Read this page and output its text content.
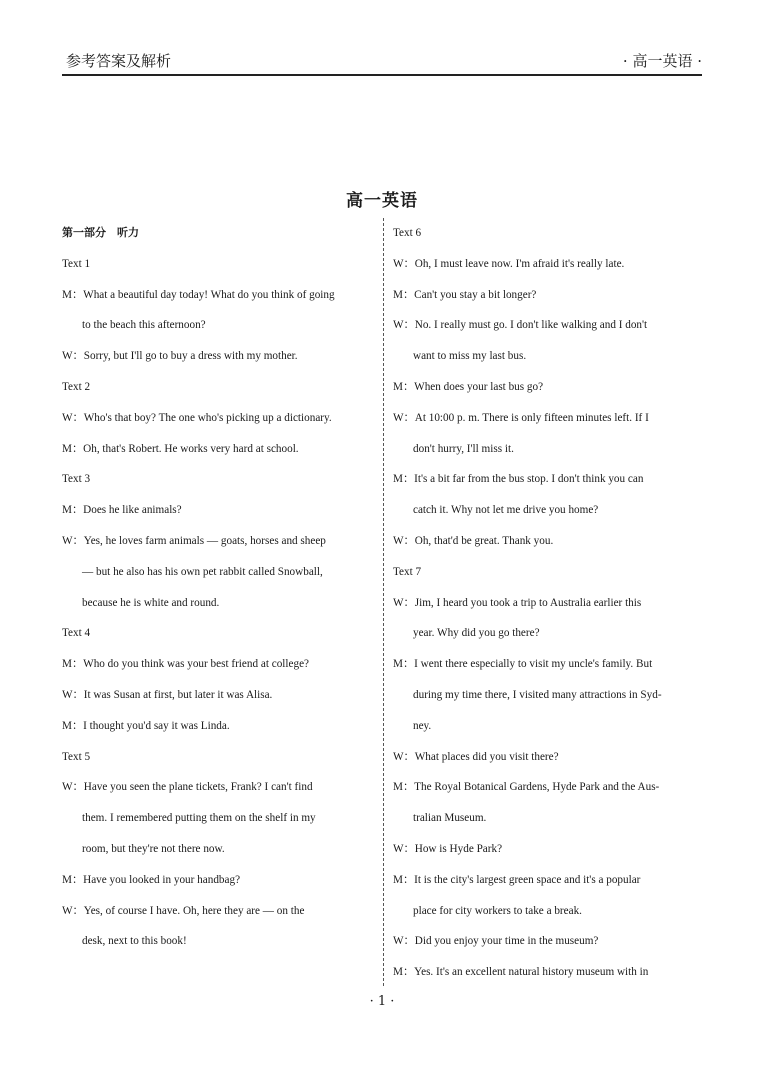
参考答案及解析	· 高一英语 ·
高一英语
第一部分　听力
Text 1
M： What a beautiful day today! What do you think of going
to the beach this afternoon?
W： Sorry, but I'll go to buy a dress with my mother.
Text 2
W： Who's that boy? The one who's picking up a dictionary.
M： Oh, that's Robert. He works very hard at school.
Text 3
M： Does he like animals?
W： Yes, he loves farm animals — goats, horses and sheep
— but he also has his own pet rabbit called Snowball,
because he is white and round.
Text 4
M： Who do you think was your best friend at college?
W： It was Susan at first, but later it was Alisa.
M： I thought you'd say it was Linda.
Text 5
W： Have you seen the plane tickets, Frank? I can't find
them. I remembered putting them on the shelf in my
room, but they're not there now.
M： Have you looked in your handbag?
W： Yes, of course I have. Oh, here they are — on the
desk, next to this book!
Text 6
W： Oh, I must leave now. I'm afraid it's really late.
M： Can't you stay a bit longer?
W： No. I really must go. I don't like walking and I don't
want to miss my last bus.
M： When does your last bus go?
W： At 10:00 p. m. There is only fifteen minutes left. If I
don't hurry, I'll miss it.
M： It's a bit far from the bus stop. I don't think you can
catch it. Why not let me drive you home?
W： Oh, that'd be great. Thank you.
Text 7
W： Jim, I heard you took a trip to Australia earlier this
year. Why did you go there?
M： I went there especially to visit my uncle's family. But
during my time there, I visited many attractions in Syd-
ney.
W： What places did you visit there?
M： The Royal Botanical Gardens, Hyde Park and the Aus-
tralian Museum.
W： How is Hyde Park?
M： It is the city's largest green space and it's a popular
place for city workers to take a break.
W： Did you enjoy your time in the museum?
M： Yes. It's an excellent natural history museum with in
· 1 ·
